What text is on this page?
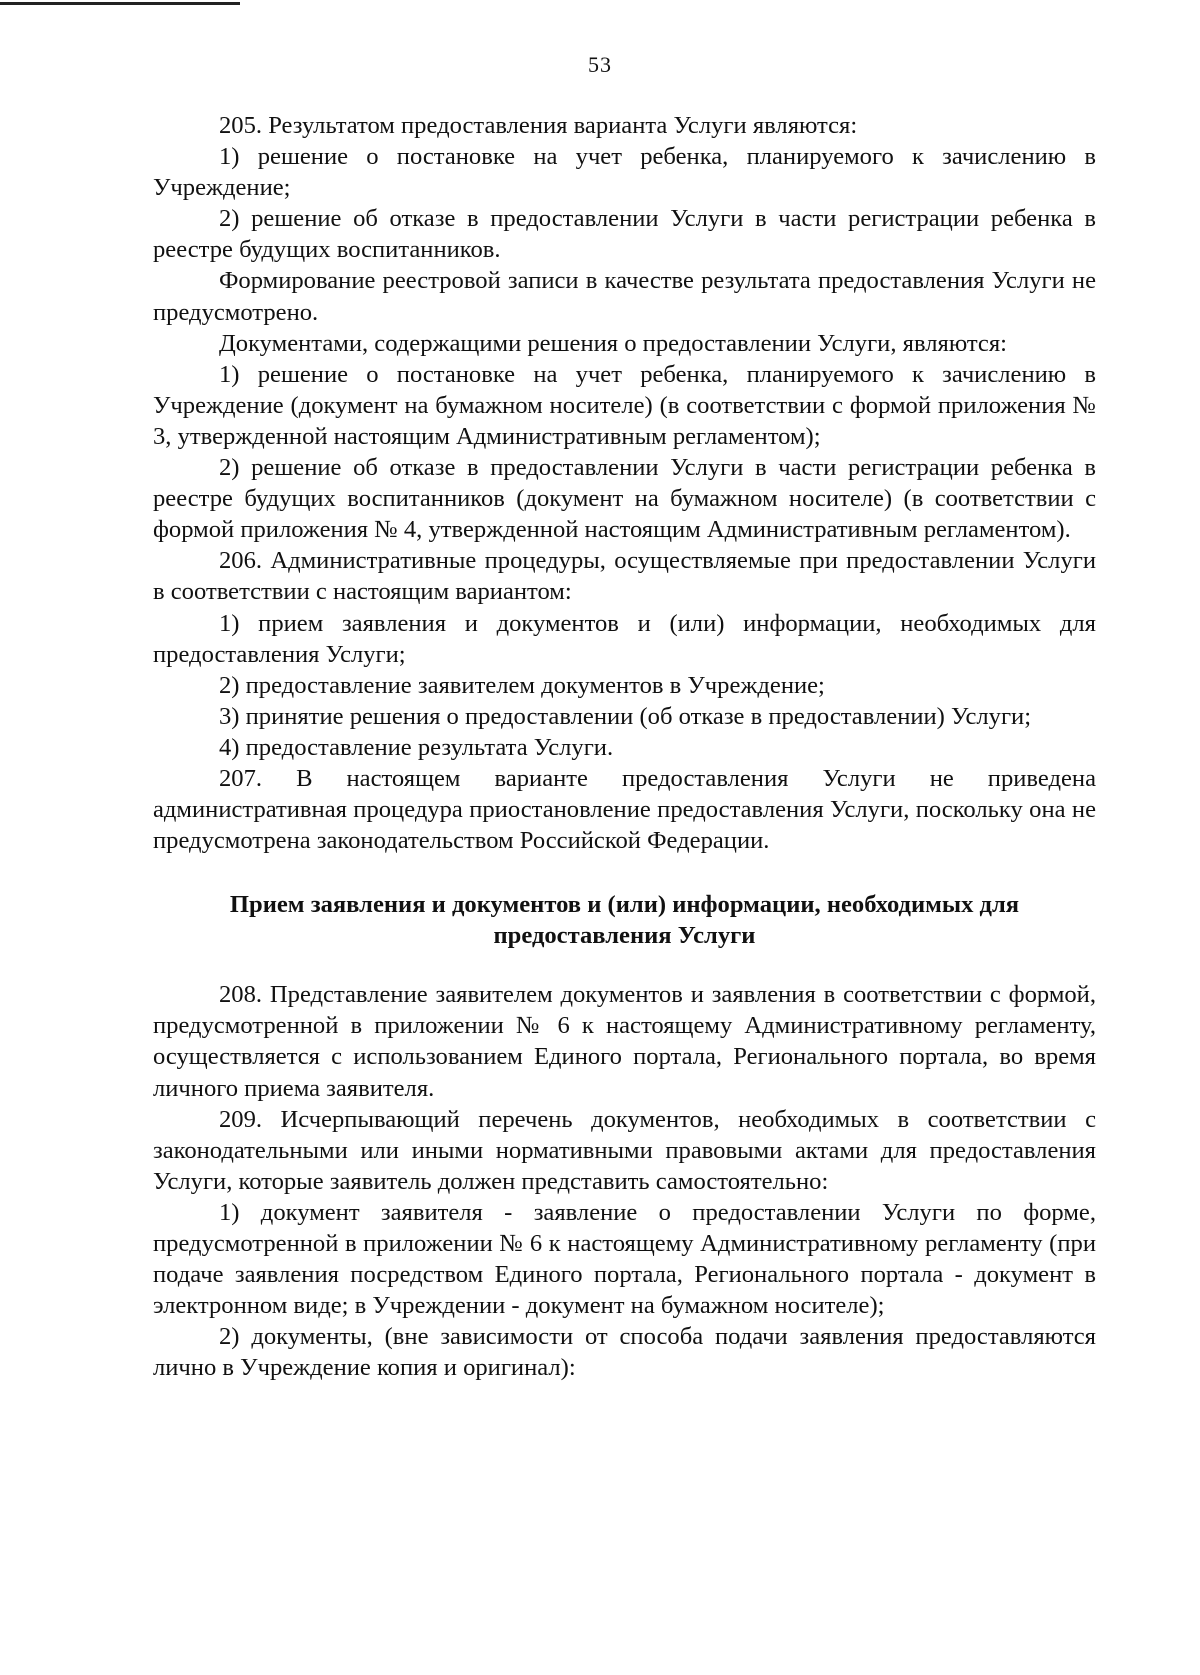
53

205. Результатом предоставления варианта Услуги являются:

1) решение о постановке на учет ребенка, планируемого к зачислению в Учреждение;

2) решение об отказе в предоставлении Услуги в части регистрации ребенка в реестре будущих воспитанников.

Формирование реестровой записи в качестве результата предоставления Услуги не предусмотрено.

Документами, содержащими решения о предоставлении Услуги, являются:

1) решение о постановке на учет ребенка, планируемого к зачислению в Учреждение (документ на бумажном носителе) (в соответствии с формой приложения № 3, утвержденной настоящим Административным регламентом);

2) решение об отказе в предоставлении Услуги в части регистрации ребенка в реестре будущих воспитанников (документ на бумажном носителе) (в соответствии с формой приложения № 4, утвержденной настоящим Административным регламентом).

206. Административные процедуры, осуществляемые при предоставлении Услуги в соответствии с настоящим вариантом:

1) прием заявления и документов и (или) информации, необходимых для предоставления Услуги;

2) предоставление заявителем документов в Учреждение;

3) принятие решения о предоставлении (об отказе в предоставлении) Услуги;

4) предоставление результата Услуги.

207. В настоящем варианте предоставления Услуги не приведена административная процедура приостановление предоставления Услуги, поскольку она не предусмотрена законодательством Российской Федерации.

Прием заявления и документов и (или) информации, необходимых для
предоставления Услуги

208. Представление заявителем документов и заявления в соответствии с формой, предусмотренной в приложении № 6 к настоящему Административному регламенту, осуществляется с использованием Единого портала, Регионального портала, во время личного приема заявителя.

209. Исчерпывающий перечень документов, необходимых в соответствии с законодательными или иными нормативными правовыми актами для предоставления Услуги, которые заявитель должен представить самостоятельно:

1) документ заявителя - заявление о предоставлении Услуги по форме, предусмотренной в приложении № 6 к настоящему Административному регламенту (при подаче заявления посредством Единого портала, Регионального портала - документ в электронном виде; в Учреждении - документ на бумажном носителе);

2) документы, (вне зависимости от способа подачи заявления предоставляются лично в Учреждение копия и оригинал):
